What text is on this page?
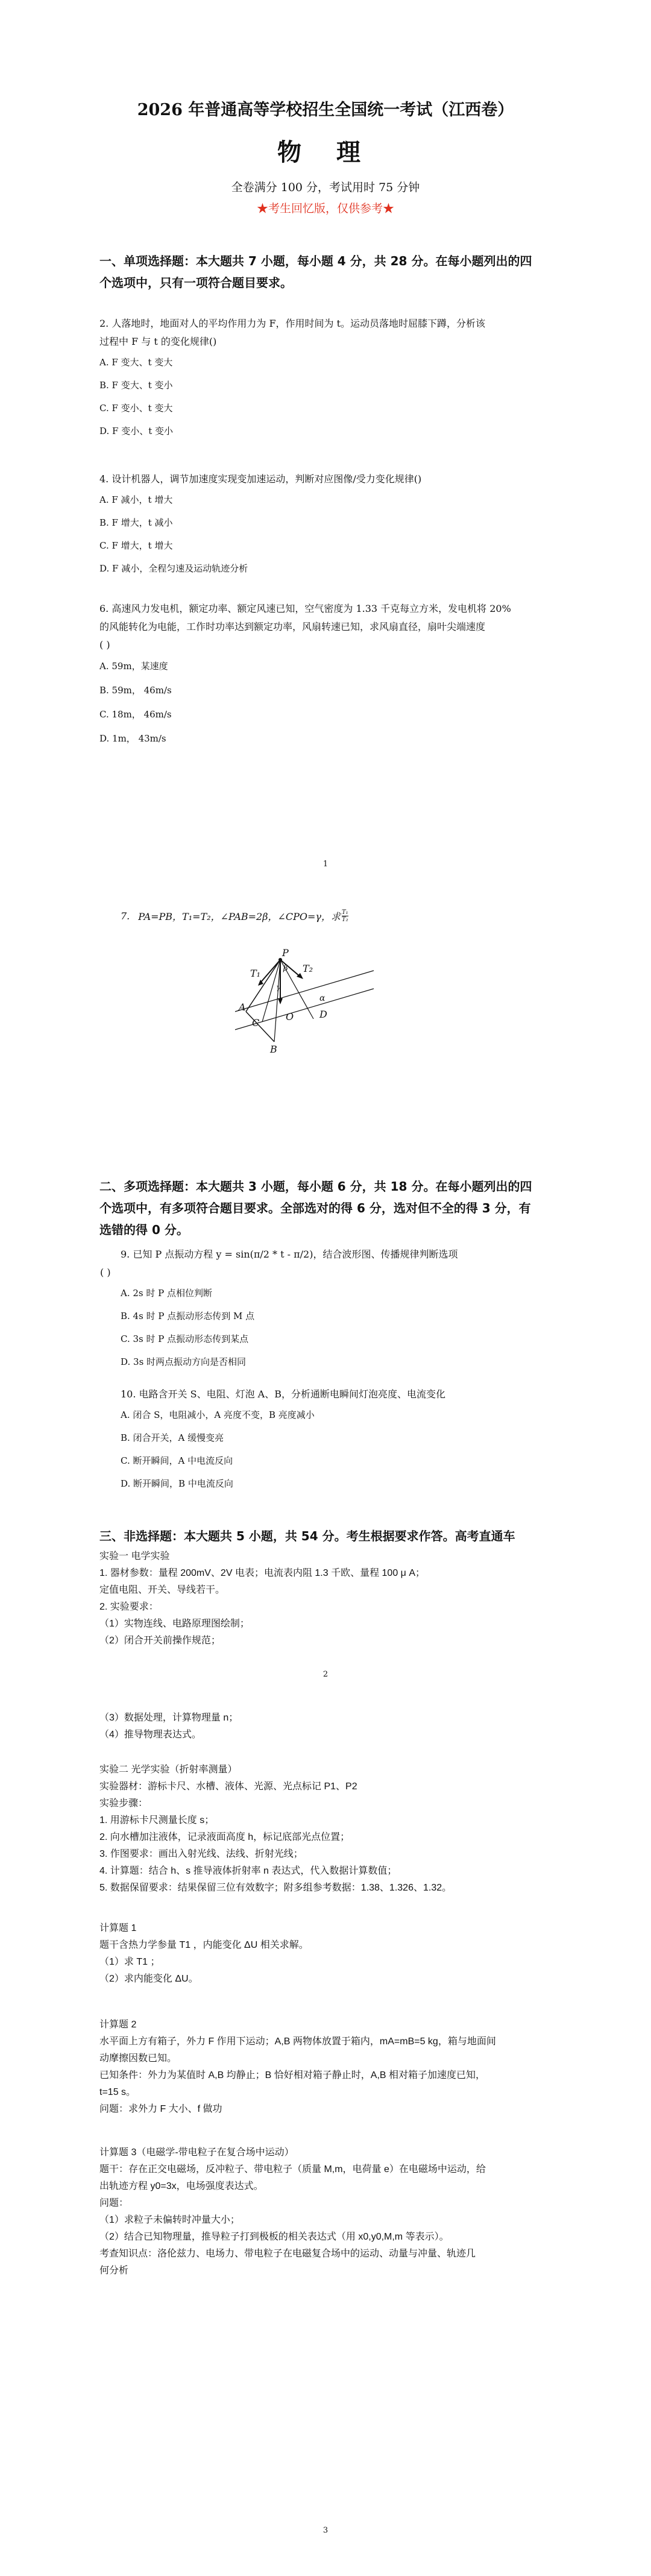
2026 年普通高等学校招生全国统一考试（江西卷）
物 理
全卷满分 100 分，考试用时 75 分钟
★考生回忆版，仅供参考★
一、单项选择题：本大题共 7 小题，每小题 4 分，共 28 分。在每小题列出的四
个选项中，只有一项符合题目要求。

2. 人落地时，地面对人的平均作用力为 F，作用时间为 t。运动员落地时屈膝下蹲，分析该

过程中 F 与 t 的变化规律()

A. F 变大、t 变大

B. F 变大、t 变小

C. F 变小、t 变大

D. F 变小、t 变小

4. 设计机器人，调节加速度实现变加速运动，判断对应图像/受力变化规律()

A. F 减小，t 增大

B. F 增大，t 减小

C. F 增大，t 增大

D. F 减小，全程匀速及运动轨迹分析

6. 高速风力发电机，额定功率、额定风速已知，空气密度为 1.33 千克每立方米，发电机将 20%

的风能转化为电能，工作时功率达到额定功率，风扇转速已知，求风扇直径，扇叶尖端速度

( )

A. 59m，某速度

B. 59m， 46m/s

C. 18m， 46m/s

D. 1m， 43m/s

1
7. PA=PB，T₁=T₂，∠PAB=2β，∠CPO=γ，求 $\frac{\text{T₁}}{\text{T₂}}$
P
T₁	T₂
β
γ
α
A
C
O	D
B
二、多项选择题：本大题共 3 小题，每小题 6 分，共 18 分。在每小题列出的四
个选项中，有多项符合题目要求。全部选对的得 6 分，选对但不全的得 3 分，有
选错的得 0 分。

9. 已知 P 点振动方程 y = sin(π/2 * t - π/2)，结合波形图、传播规律判断选项

( )

A. 2s 时 P 点相位判断

B. 4s 时 P 点振动形态传到 M 点

C. 3s 时 P 点振动形态传到某点

D. 3s 时两点振动方向是否相同

10. 电路含开关 S、电阻、灯泡 A、B，分析通断电瞬间灯泡亮度、电流变化

A. 闭合 S，电阻减小，A 亮度不变，B 亮度减小

B. 闭合开关，A 缓慢变亮

C. 断开瞬间，A 中电流反向

D. 断开瞬间，B 中电流反向

三、非选择题：本大题共 5 小题，共 54 分。考生根据要求作答。高考直通车

实验一 电学实验

1. 器材参数：量程 200mV、2V 电表；电流表内阻 1.3 千欧、量程 100 μ A；

定值电阻、开关、导线若干。

2. 实验要求：

（1）实物连线、电路原理图绘制；

（2）闭合开关前操作规范；

2

（3）数据处理，计算物理量 n；

（4）推导物理表达式。

实验二 光学实验（折射率测量）

实验器材：游标卡尺、水槽、液体、光源、光点标记 P1、P2

实验步骤：

1. 用游标卡尺测量长度 s；

2. 向水槽加注液体，记录液面高度 h，标记底部光点位置；

3. 作图要求：画出入射光线、法线、折射光线；

4. 计算题：结合 h、s 推导液体折射率 n 表达式，代入数据计算数值；

5. 数据保留要求：结果保留三位有效数字；附多组参考数据：1.38、1.326、1.32。

计算题 1

题干含热力学参量 T1 ，内能变化 ΔU 相关求解。

（1）求 T1 ；

（2）求内能变化 ΔU。

计算题 2

水平面上方有箱子，外力 F 作用下运动；A,B 两物体放置于箱内，mA=mB=5 kg，箱与地面间

动摩擦因数已知。

已知条件：外力为某值时 A,B 均静止；B 恰好相对箱子静止时，A,B 相对箱子加速度已知，

t=15 s。

问题：求外力 F 大小、f 做功

计算题 3（电磁学-带电粒子在复合场中运动）

题干：存在正交电磁场，反冲粒子、带电粒子（质量 M,m，电荷量 e）在电磁场中运动，给

出轨迹方程 y0=3x，电场强度表达式。

问题：

（1）求粒子未偏转时冲量大小；

（2）结合已知物理量，推导粒子打到极板的相关表达式（用 x0,y0,M,m 等表示）。

考查知识点：洛伦兹力、电场力、带电粒子在电磁复合场中的运动、动量与冲量、轨迹几

何分析

3
